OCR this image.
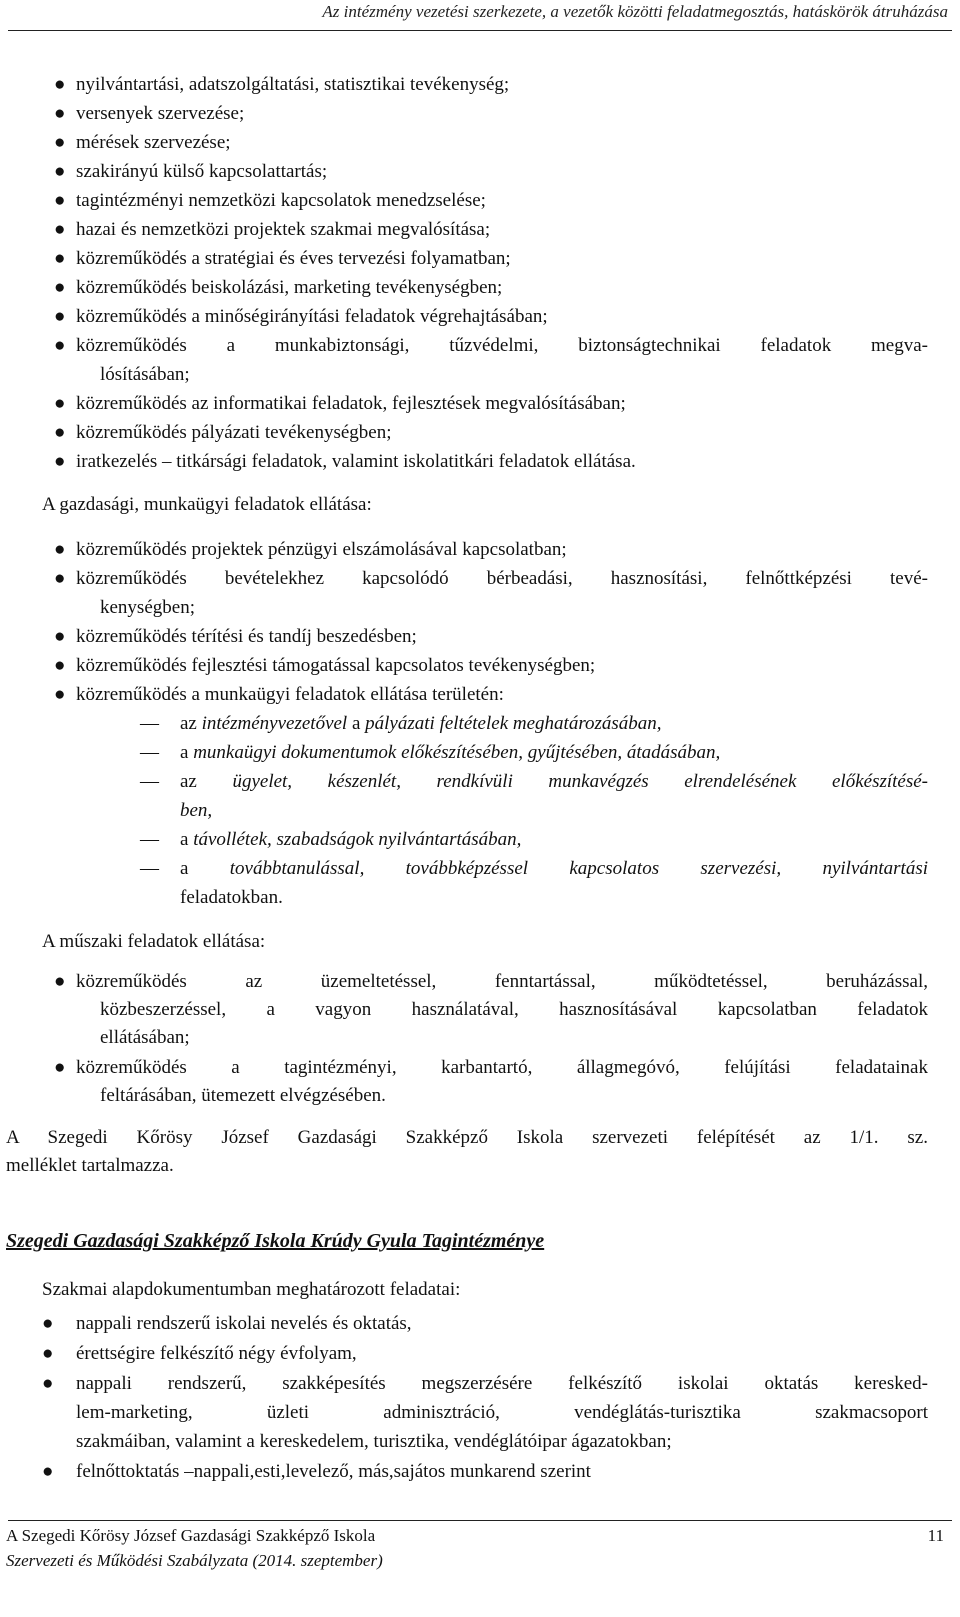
Az intézmény vezetési szerkezete, a vezetők közötti feladatmegosztás, hatáskörök átruházása
● nyilvántartási, adatszolgáltatási, statisztikai tevékenység;
● versenyek szervezése;
● mérések szervezése;
● szakirányú külső kapcsolattartás;
● tagintézményi nemzetközi kapcsolatok menedzselése;
● hazai és nemzetközi projektek szakmai megvalósítása;
● közreműködés a stratégiai és éves tervezési folyamatban;
● közreműködés beiskolázási, marketing tevékenységben;
● közreműködés a minőségirányítási feladatok végrehajtásában;
● közreműködés a munkabiztonsági, tűzvédelmi, biztonságtechnikai feladatok megva-
lósításában;
● közreműködés az informatikai feladatok, fejlesztések megvalósításában;
● közreműködés pályázati tevékenységben;
● iratkezelés – titkársági feladatok, valamint iskolatitkári feladatok ellátása.
A gazdasági, munkaügyi feladatok ellátása:
● közreműködés projektek pénzügyi elszámolásával kapcsolatban;
● közreműködés bevételekhez kapcsolódó bérbeadási, hasznosítási, felnőttképzési tevé-
kenységben;
● közreműködés térítési és tandíj beszedésben;
● közreműködés fejlesztési támogatással kapcsolatos tevékenységben;
● közreműködés a munkaügyi feladatok ellátása területén:
— az intézményvezetővel a pályázati feltételek meghatározásában,
— a munkaügyi dokumentumok előkészítésében, gyűjtésében, átadásában,
— az ügyelet, készenlét, rendkívüli munkavégzés elrendelésének előkészítésé-
ben,
— a távollétek, szabadságok nyilvántartásában,
— a továbbtanulással, továbbképzéssel kapcsolatos szervezési, nyilvántartási
feladatokban.
A műszaki feladatok ellátása:
● közreműködés az üzemeltetéssel, fenntartással, működtetéssel, beruházással,
közbeszerzéssel, a vagyon használatával, hasznosításával kapcsolatban feladatok
ellátásában;
● közreműködés a tagintézményi, karbantartó, állagmegóvó, felújítási feladatainak
feltárásában, ütemezett elvégzésében.
A Szegedi Kőrösy József Gazdasági Szakképző Iskola szervezeti felépítését az 1/1. sz.
melléklet tartalmazza.
Szegedi Gazdasági Szakképző Iskola Krúdy Gyula Tagintézménye
Szakmai alapdokumentumban meghatározott feladatai:
● nappali rendszerű iskolai nevelés és oktatás,
● érettségire felkészítő négy évfolyam,
● nappali rendszerű, szakképesítés megszerzésére felkészítő iskolai oktatás keresked-
lem-marketing, üzleti adminisztráció, vendéglátás-turisztika szakmacsoport
szakmáiban, valamint a kereskedelem, turisztika, vendéglátóipar ágazatokban;
● felnőttoktatás –nappali,esti,levelező, más,sajátos munkarend szerint
A Szegedi Kőrösy József Gazdasági Szakképző Iskola
Szervezeti és Működési Szabályzata (2014. szeptember)
11
